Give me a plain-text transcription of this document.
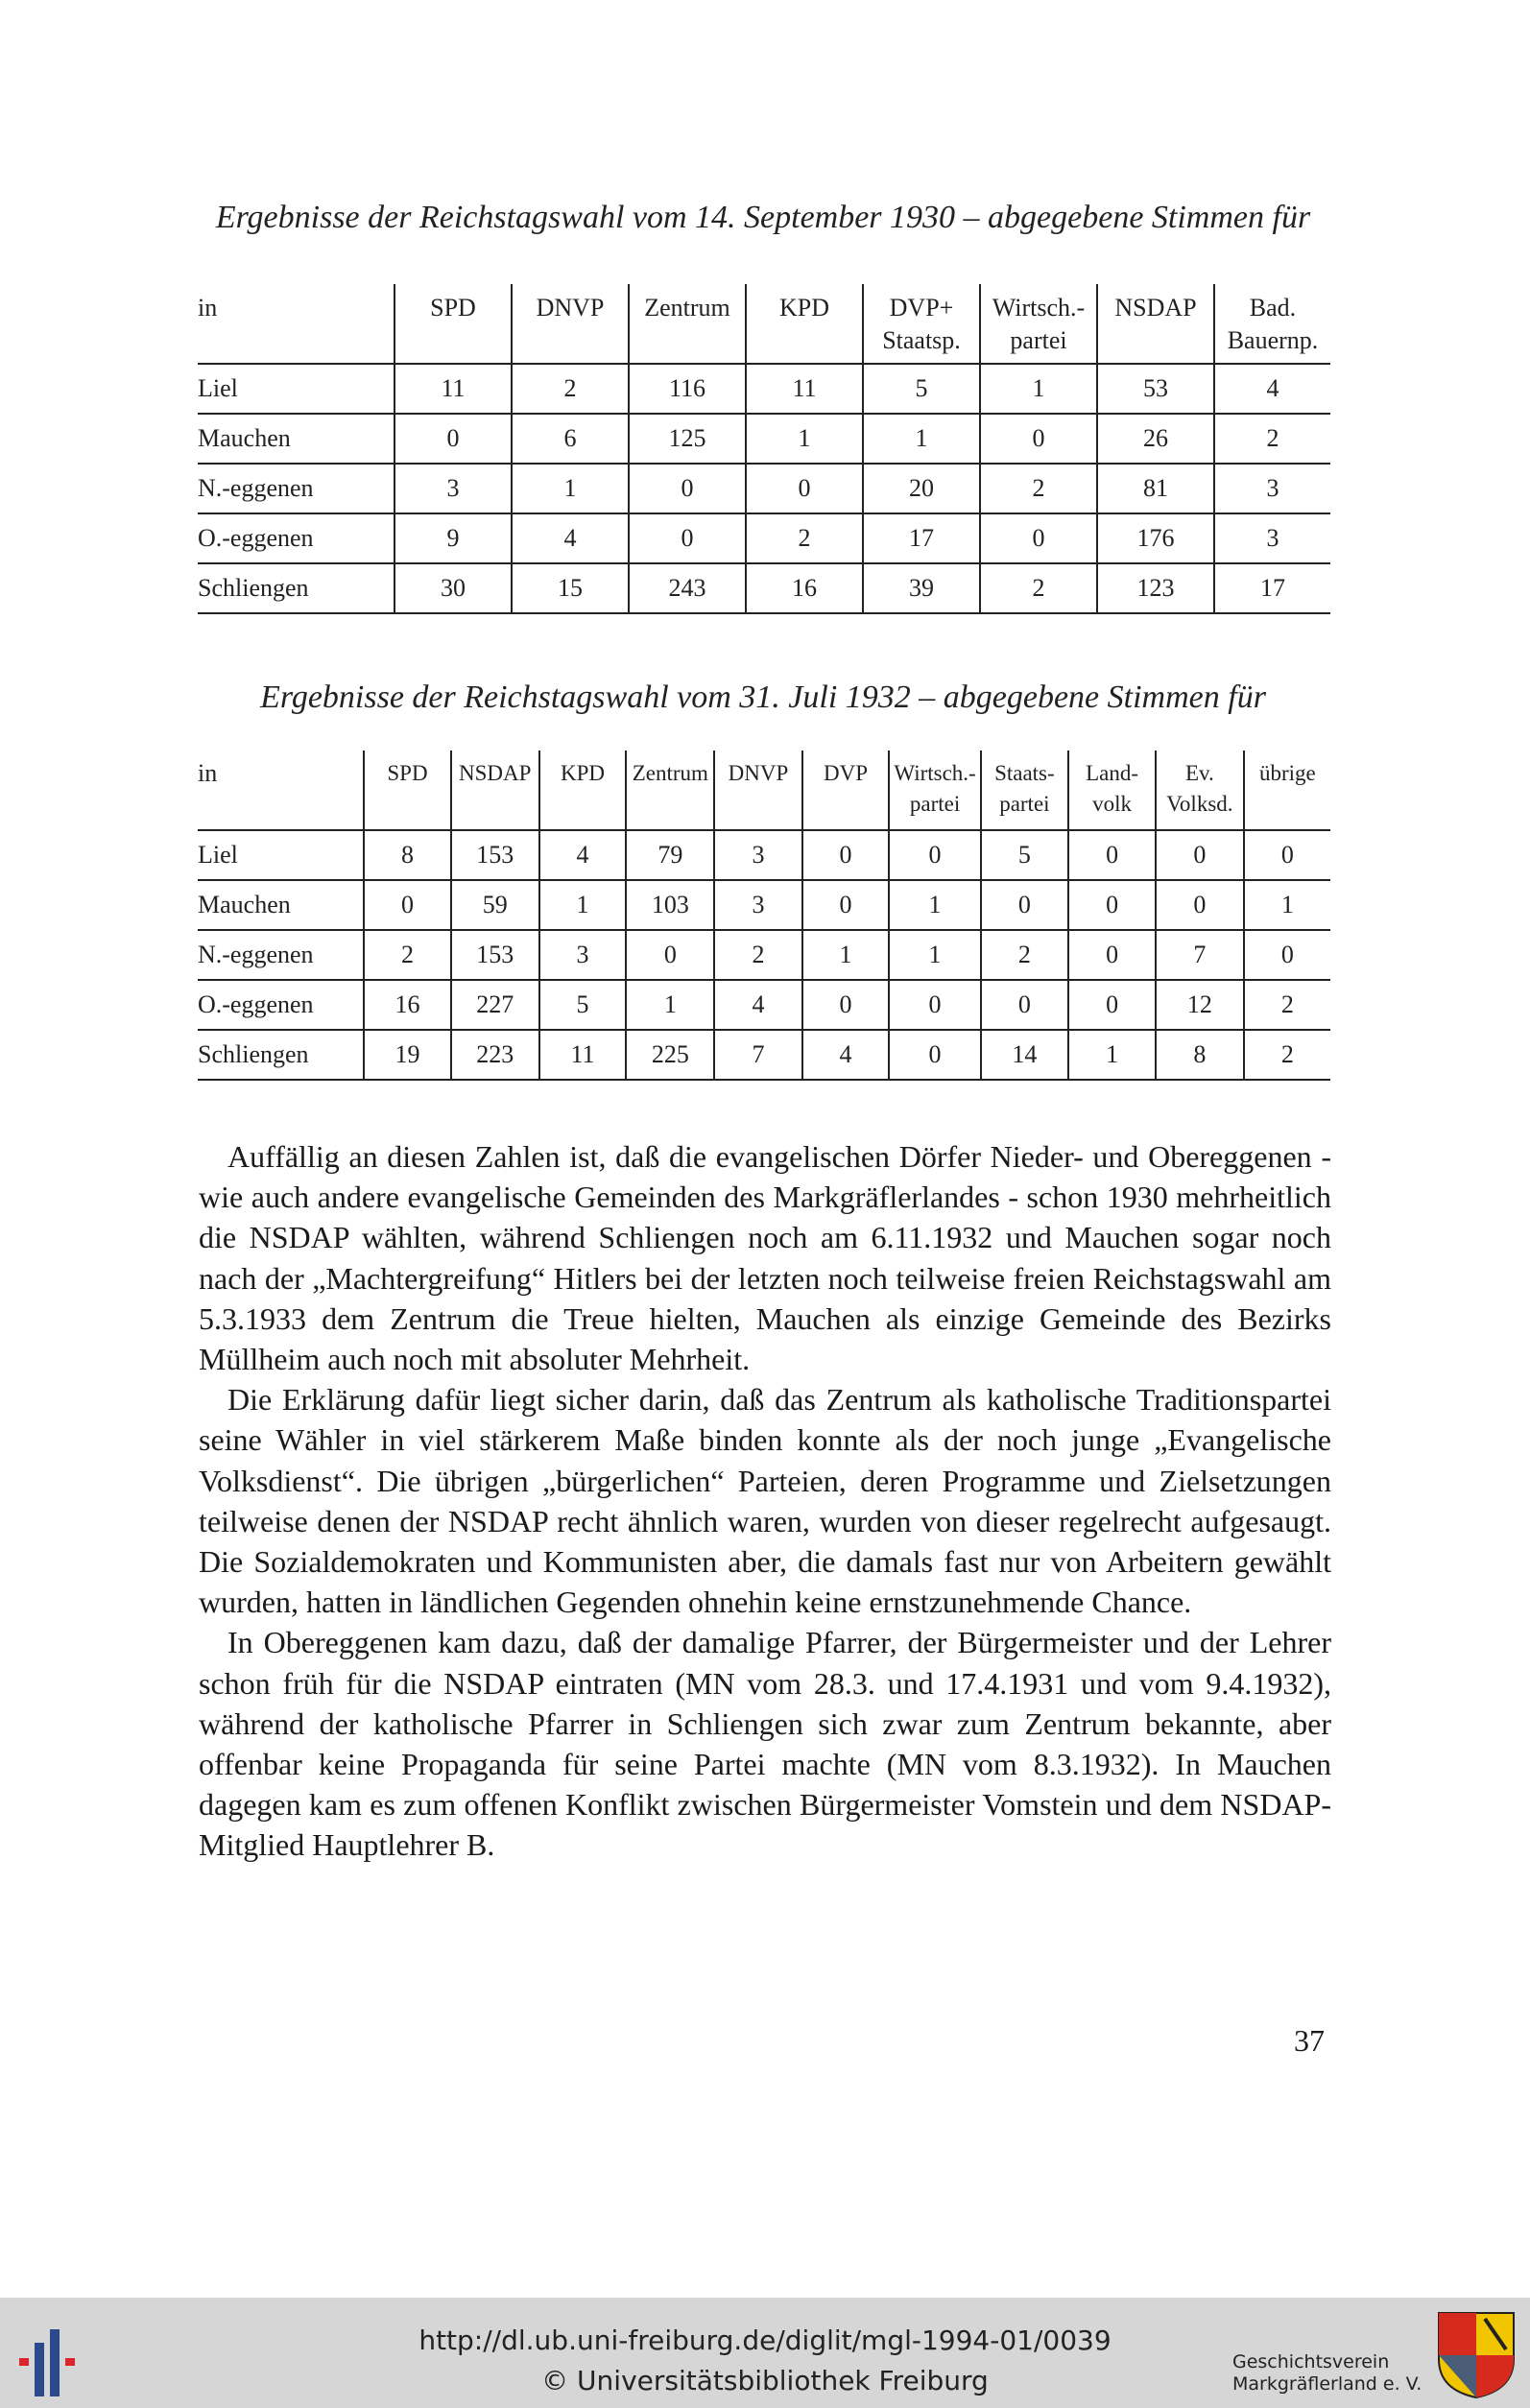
Ergebnisse der Reichstagswahl vom 14. September 1930 – abgegebene Stimmen für
in	SPD	DNVP	Zentrum	KPD	DVP+ Staatsp.	Wirtsch.- partei	NSDAP	Bad. Bauernp.
Liel	11	2	116	11	5	1	53	4
Mauchen	0	6	125	1	1	0	26	2
N.-eggenen	3	1	0	0	20	2	81	3
O.-eggenen	9	4	0	2	17	0	176	3
Schliengen	30	15	243	16	39	2	123	17
Ergebnisse der Reichstagswahl vom 31. Juli 1932 – abgegebene Stimmen für
in	SPD	NSDAP	KPD	Zentrum	DNVP	DVP	Wirtsch.- partei	Staats- partei	Land- volk	Ev. Volksd.	übrige
Liel	8	153	4	79	3	0	0	5	0	0	0
Mauchen	0	59	1	103	3	0	1	0	0	0	1
N.-eggenen	2	153	3	0	2	1	1	2	0	7	0
O.-eggenen	16	227	5	1	4	0	0	0	0	12	2
Schliengen	19	223	11	225	7	4	0	14	1	8	2

Auffällig an diesen Zahlen ist, daß die evangelischen Dörfer Nieder- und Obereggenen - wie auch andere evangelische Gemeinden des Markgräflerlandes - schon 1930 mehrheitlich die NSDAP wählten, während Schliengen noch am 6.11.1932 und Mauchen sogar noch nach der „Machtergreifung“ Hitlers bei der letzten noch teilweise freien Reichstagswahl am 5.3.1933 dem Zentrum die Treue hielten, Mauchen als einzige Gemeinde des Bezirks Müllheim auch noch mit absoluter Mehrheit.

Die Erklärung dafür liegt sicher darin, daß das Zentrum als katholische Traditionspartei seine Wähler in viel stärkerem Maße binden konnte als der noch junge „Evangelische Volksdienst“. Die übrigen „bürgerlichen“ Parteien, deren Programme und Zielsetzungen teilweise denen der NSDAP recht ähnlich waren, wurden von dieser regelrecht aufgesaugt. Die Sozialdemokraten und Kommunisten aber, die damals fast nur von Arbeitern gewählt wurden, hatten in ländlichen Gegenden ohnehin keine ernstzunehmende Chance.

In Obereggenen kam dazu, daß der damalige Pfarrer, der Bürgermeister und der Lehrer schon früh für die NSDAP eintraten (MN vom 28.3. und 17.4.1931 und vom 9.4.1932), während der katholische Pfarrer in Schliengen sich zwar zum Zentrum bekannte, aber offenbar keine Propaganda für seine Partei machte (MN vom 8.3.1932). In Mauchen dagegen kam es zum offenen Konflikt zwischen Bürgermeister Vomstein und dem NSDAP-Mitglied Hauptlehrer B.

37
http://dl.ub.uni-freiburg.de/diglit/mgl-1994-01/0039
© Universitätsbibliothek Freiburg
Geschichtsverein
Markgräflerland e. V.
